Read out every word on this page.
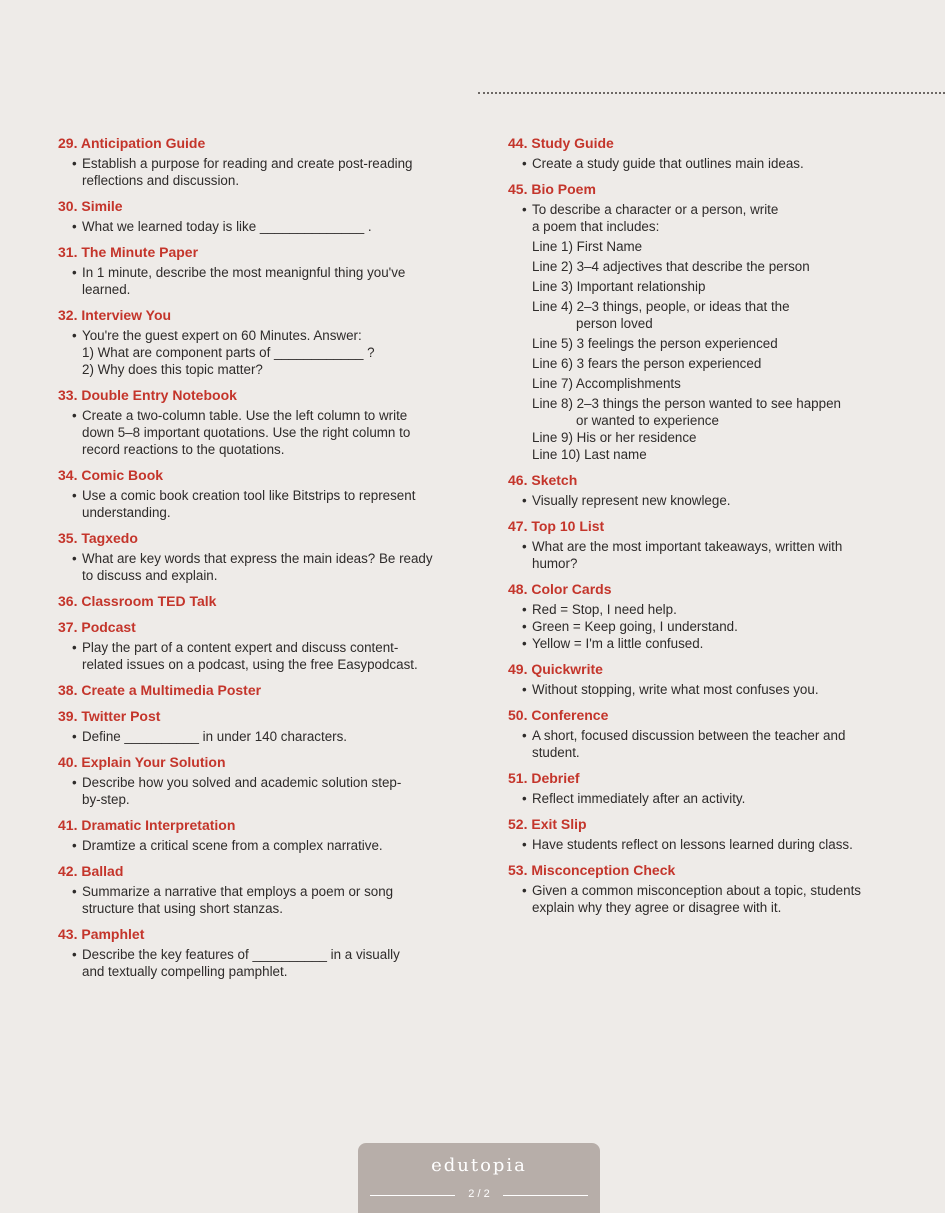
29. Anticipation Guide
• Establish a purpose for reading and create post-reading
reflections and discussion.
30. Simile
• What we learned today is like ______________ .
31. The Minute Paper
• In 1 minute, describe the most meanignful thing you've
learned.
32. Interview You
• You're the guest expert on 60 Minutes. Answer:
1) What are component parts of ____________ ?
2) Why does this topic matter?
33. Double Entry Notebook
• Create a two-column table. Use the left column to write
down 5–8 important quotations. Use the right column to
record reactions to the quotations.
34. Comic Book
• Use a comic book creation tool like Bitstrips to represent
understanding.
35. Tagxedo
• What are key words that express the main ideas? Be ready
to discuss and explain.
36. Classroom TED Talk
37. Podcast
• Play the part of a content expert and discuss content-
related issues on a podcast, using the free Easypodcast.
38. Create a Multimedia Poster
39. Twitter Post
• Define __________ in under 140 characters.
40. Explain Your Solution
• Describe how you solved and academic solution step-
by-step.
41. Dramatic Interpretation
• Dramtize a critical scene from a complex narrative.
42. Ballad
• Summarize a narrative that employs a poem or song
structure that using short stanzas.
43. Pamphlet
• Describe the key features of __________ in a visually
and textually compelling pamphlet.
44. Study Guide
• Create a study guide that outlines main ideas.
45. Bio Poem
• To describe a character or a person, write
a poem that includes:
Line 1) First Name
Line 2) 3–4 adjectives that describe the person
Line 3) Important relationship
Line 4) 2–3 things, people, or ideas that the
person loved
Line 5) 3 feelings the person experienced
Line 6) 3 fears the person experienced
Line 7) Accomplishments
Line 8) 2–3 things the person wanted to see happen
or wanted to experience
Line 9) His or her residence
Line 10) Last name
46. Sketch
• Visually represent new knowlege.
47. Top 10 List
• What are the most important takeaways, written with
humor?
48. Color Cards
• Red = Stop, I need help.
• Green = Keep going, I understand.
• Yellow = I'm a little confused.
49. Quickwrite
• Without stopping, write what most confuses you.
50. Conference
• A short, focused discussion between the teacher and
student.
51. Debrief
• Reflect immediately after an activity.
52. Exit Slip
• Have students reflect on lessons learned during class.
53. Misconception Check
• Given a common misconception about a topic, students
explain why they agree or disagree with it.
edutopia
2 / 2
